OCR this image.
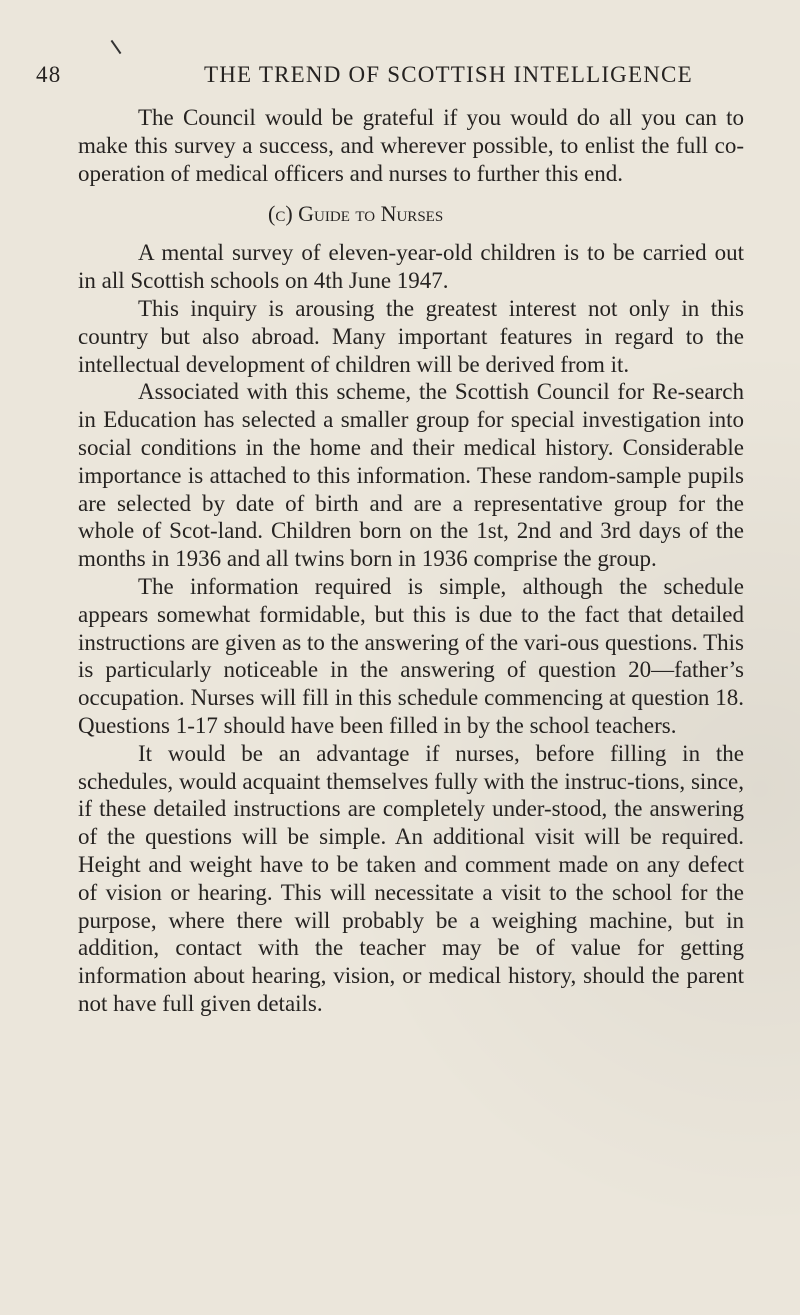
48	THE TREND OF SCOTTISH INTELLIGENCE

The Council would be grateful if you would do all you can to make this survey a success, and wherever possible, to enlist the full co-operation of medical officers and nurses to further this end.

(c) Guide to Nurses

A mental survey of eleven-year-old children is to be carried out in all Scottish schools on 4th June 1947.

This inquiry is arousing the greatest interest not only in this country but also abroad. Many important features in regard to the intellectual development of children will be derived from it.

Associated with this scheme, the Scottish Council for Re-search in Education has selected a smaller group for special investigation into social conditions in the home and their medical history. Considerable importance is attached to this information. These random-sample pupils are selected by date of birth and are a representative group for the whole of Scot-land. Children born on the 1st, 2nd and 3rd days of the months in 1936 and all twins born in 1936 comprise the group.

The information required is simple, although the schedule appears somewhat formidable, but this is due to the fact that detailed instructions are given as to the answering of the vari-ous questions. This is particularly noticeable in the answering of question 20—father’s occupation. Nurses will fill in this schedule commencing at question 18. Questions 1-17 should have been filled in by the school teachers.

It would be an advantage if nurses, before filling in the schedules, would acquaint themselves fully with the instruc-tions, since, if these detailed instructions are completely under-stood, the answering of the questions will be simple. An additional visit will be required. Height and weight have to be taken and comment made on any defect of vision or hearing. This will necessitate a visit to the school for the purpose, where there will probably be a weighing machine, but in addition, contact with the teacher may be of value for getting information about hearing, vision, or medical history, should the parent not have full given details.
